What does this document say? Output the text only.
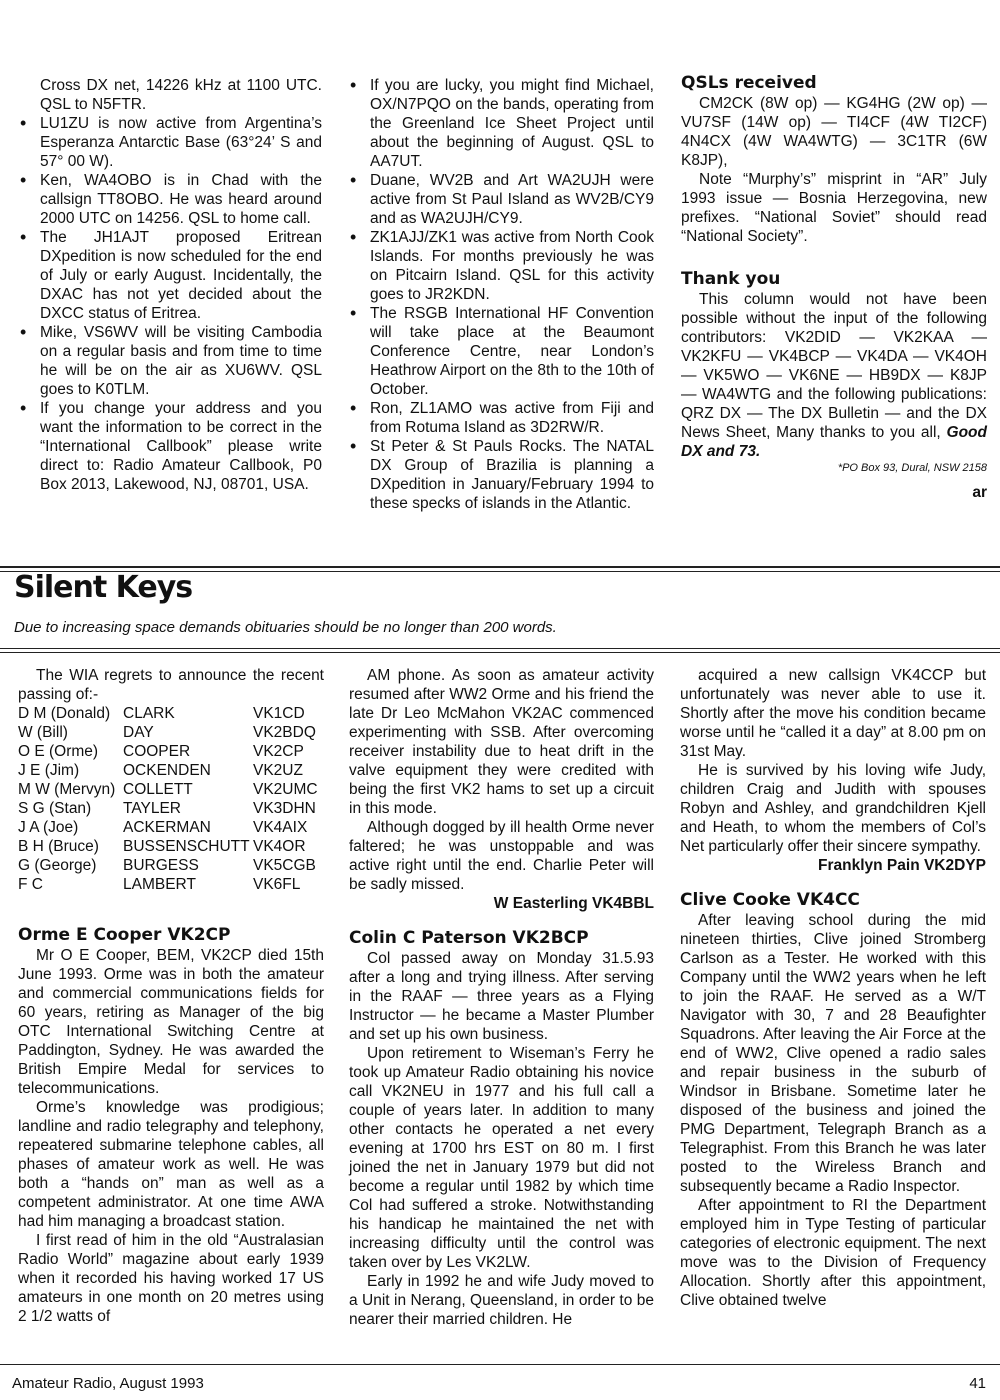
Cross DX net, 14226 kHz at 1100 UTC. QSL to N5FTR.

• LU1ZU is now active from Argentina’s Esperanza Antarctic Base (63°24’ S and 57° 00 W).
• Ken, WA4OBO is in Chad with the callsign TT8OBO. He was heard around 2000 UTC on 14256. QSL to home call.
• The JH1AJT proposed Eritrean DXpedition is now scheduled for the end of July or early August. Incidentally, the DXAC has not yet decided about the DXCC status of Eritrea.
• Mike, VS6WV will be visiting Cambodia on a regular basis and from time to time he will be on the air as XU6WV. QSL goes to K0TLM.
• If you change your address and you want the information to be correct in the “International Callbook” please write direct to: Radio Amateur Callbook, P0 Box 2013, Lakewood, NJ, 08701, USA.
• If you are lucky, you might find Michael, OX/N7PQO on the bands, operating from the Greenland Ice Sheet Project until about the beginning of August. QSL to AA7UT.
• Duane, WV2B and Art WA2UJH were active from St Paul Island as WV2B/CY9 and as WA2UJH/CY9.
• ZK1AJJ/ZK1 was active from North Cook Islands. For months previously he was on Pitcairn Island. QSL for this activity goes to JR2KDN.
• The RSGB International HF Convention will take place at the Beaumont Conference Centre, near London’s Heathrow Airport on the 8th to the 10th of October.
• Ron, ZL1AMO was active from Fiji and from Rotuma Island as 3D2RW/R.
• St Peter & St Pauls Rocks. The NATAL DX Group of Brazilia is planning a DXpedition in January/February 1994 to these specks of islands in the Atlantic.
QSLs received

CM2CK (8W op) — KG4HG (2W op) — VU7SF (14W op) — TI4CF (4W TI2CF) 4N4CX (4W WA4WTG) — 3C1TR (6W K8JP),

Note “Murphy’s” misprint in “AR” July 1993 issue — Bosnia Herzegovina, new prefixes. “National Soviet” should read “National Society”.

Thank you

This column would not have been possible without the input of the following contributors: VK2DID — VK2KAA — VK2KFU — VK4BCP — VK4DA — VK4OH — VK5WO — VK6NE — HB9DX — K8JP — WA4WTG and the following publications: QRZ DX — The DX Bulletin — and the DX News Sheet, Many thanks to you all, Good DX and 73.

*PO Box 93, Dural, NSW 2158
ar
Silent Keys
Due to increasing space demands obituaries should be no longer than 200 words.

The WIA regrets to announce the recent passing of:-

D M (Donald)	CLARK	VK1CD
W (Bill)	DAY	VK2BDQ
O E (Orme)	COOPER	VK2CP
J E (Jim)	OCKENDEN	VK2UZ
M W (Mervyn)	COLLETT	VK2UMC
S G (Stan)	TAYLER	VK3DHN
J A (Joe)	ACKERMAN	VK4AIX
B H (Bruce)	BUSSENSCHUTT	VK4OR
G (George)	BURGESS	VK5CGB
F C	LAMBERT	VK6FL
Orme E Cooper VK2CP

Mr O E Cooper, BEM, VK2CP died 15th June 1993. Orme was in both the amateur and commercial communications fields for 60 years, retiring as Manager of the big OTC International Switching Centre at Paddington, Sydney. He was awarded the British Empire Medal for services to telecommunications.

Orme’s knowledge was prodigious; landline and radio telegraphy and telephony, repeatered submarine telephone cables, all phases of amateur work as well. He was both a “hands on” man as well as a competent administrator. At one time AWA had him managing a broadcast station.

I first read of him in the old “Australasian Radio World” magazine about early 1939 when it recorded his having worked 17 US amateurs in one month on 20 metres using 2 1/2 watts of

AM phone. As soon as amateur activity resumed after WW2 Orme and his friend the late Dr Leo McMahon VK2AC commenced experimenting with SSB. After overcoming receiver instability due to heat drift in the valve equipment they were credited with being the first VK2 hams to set up a circuit in this mode.

Although dogged by ill health Orme never faltered; he was unstoppable and was active right until the end. Charlie Peter will be sadly missed.

W Easterling VK4BBL
Colin C Paterson VK2BCP

Col passed away on Monday 31.5.93 after a long and trying illness. After serving in the RAAF — three years as a Flying Instructor — he became a Master Plumber and set up his own business.

Upon retirement to Wiseman’s Ferry he took up Amateur Radio obtaining his novice call VK2NEU in 1977 and his full call a couple of years later. In addition to many other contacts he operated a net every evening at 1700 hrs EST on 80 m. I first joined the net in January 1979 but did not become a regular until 1982 by which time Col had suffered a stroke. Notwithstanding his handicap he maintained the net with increasing difficulty until the control was taken over by Les VK2LW.

Early in 1992 he and wife Judy moved to a Unit in Nerang, Queensland, in order to be nearer their married children. He

acquired a new callsign VK4CCP but unfortunately was never able to use it. Shortly after the move his condition became worse until he “called it a day” at 8.00 pm on 31st May.

He is survived by his loving wife Judy, children Craig and Judith with spouses Robyn and Ashley, and grandchildren Kjell and Heath, to whom the members of Col’s Net particularly offer their sincere sympathy.

Franklyn Pain VK2DYP
Clive Cooke VK4CC

After leaving school during the mid nineteen thirties, Clive joined Stromberg Carlson as a Tester. He worked with this Company until the WW2 years when he left to join the RAAF. He served as a W/T Navigator with 30, 7 and 28 Beaufighter Squadrons. After leaving the Air Force at the end of WW2, Clive opened a radio sales and repair business in the suburb of Windsor in Brisbane. Sometime later he disposed of the business and joined the PMG Department, Telegraph Branch as a Telegraphist. From this Branch he was later posted to the Wireless Branch and subsequently became a Radio Inspector.

After appointment to RI the Department employed him in Type Testing of particular categories of electronic equipment. The next move was to the Division of Frequency Allocation. Shortly after this appointment, Clive obtained twelve

Amateur Radio, August 1993	41
